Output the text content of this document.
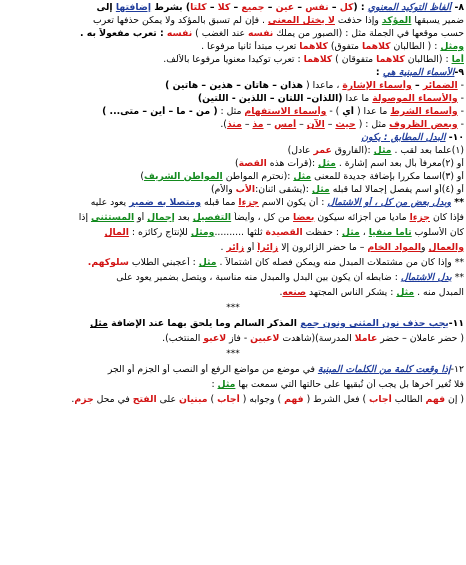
٨- ألفاظ التوكيد المعنوي : (كل – نفس – عين – جميع – كلا – كلتا) بشرط إضافتها إلى
ضمير يسبقها المؤكد وإذا حذفت لا يختل المعنى . فإن لم تسبق بالمؤكد ولا يمكن حذفها تعرب
حسب موقعها في الجملة مثل : (الصبور من يملك نفسه عند الغضب ) نفسه : تعرب مفعولاً به .
ومثل : ( الطالبان كلاهما متفوق) كلاهما تعرب مبتدأ ثانيا مرفوعا .
أما : (الطالبان كلاهما متفوقان ) كلاهما : تعرب توكيدا معنويا مرفوعا بالألف.
٩-الأسماء المبنية هي :
- الضمائر – وأسماء الإشارة ، ماعدا ( هذان – هاتان – هذين – هاتين )
- والأسماء الموصولة ما عدا (اللذان– اللتان – اللذين - اللتين)
- وأسماء الشرط ما عدا ( أي ) - وأسماء الاستفهام مثل : ( من - ما – أين – متى... )
- وبعض الظروف مثل : ( حيث – الآن – أمس – مذ – منذ).
١٠- البدل المطابق : يكون
(١)علما بعد لقب . مثل :(الفاروق عمر عادل)
أو (٢)معرفاً بأل بعد اسم إشارة . مثل :(قرأت هذه القصة)
أو (٣)اسما مكررا بإضافة جديدة للمعنى مثل :(نحترم المواطن المواطن الشريف)
أو (٤)أو اسم يفصل إجمالا لما قبله مثل :(يشقى اثنان:الأب والأم)
** وبدل بعض من كل ، أو الاشتمال : أن يكون الاسم جزءا مما قبله ومتصلا به ضمير يعود عليه
فإذا كان جزءا ماديا من أجزائه سيكون بعضا من كل ، وأيضاً التفصيل بعد إجمال أو المستثنى إذا
كان الأسلوب تاما منفيا ، مثل : حفظت القصيدة ثلثها ..........ومثل للإنتاج ركائزه : المال
والعمال والمواد الخام – ما حضر الزائرون إلا زائراً أو زائر .
** وإذا كان من مشتملات المبدل منه ويمكن فصله كان اشتمالاً . مثل : أعجبني الطلاب سلوكهم.
** بدل الاشتمال : ضابطه أن يكون بين البدل والمبدل منه مناسبة ، ويتصل بضمير يعود على
المبدل منه . مثل : يشكر الناس المجتهد صنعه.
***
١١-يجب حذف نون المثنى ونون جمع المذكر السالم وما يلحق بهما عند الإضافة مثل
( حضر عاملان – حضر عاملا المدرسة)(شاهدت لاعبين - فاز لاعبو المنتخب).
***
١٢-إذا وقعت كلمة من الكلمات المبنية في موضع من مواضع الرفع أو النصب أو الجزم أو الجر
فلا تُغير آخرها بل يجب أن تُبقيها على حالتها التي سمعت بها مثل :
( إن فهم الطالب أجاب ) فعل الشرط ( فهم ) وجوابه ( أجاب ) مبنيان على الفتح في محل جزم.
